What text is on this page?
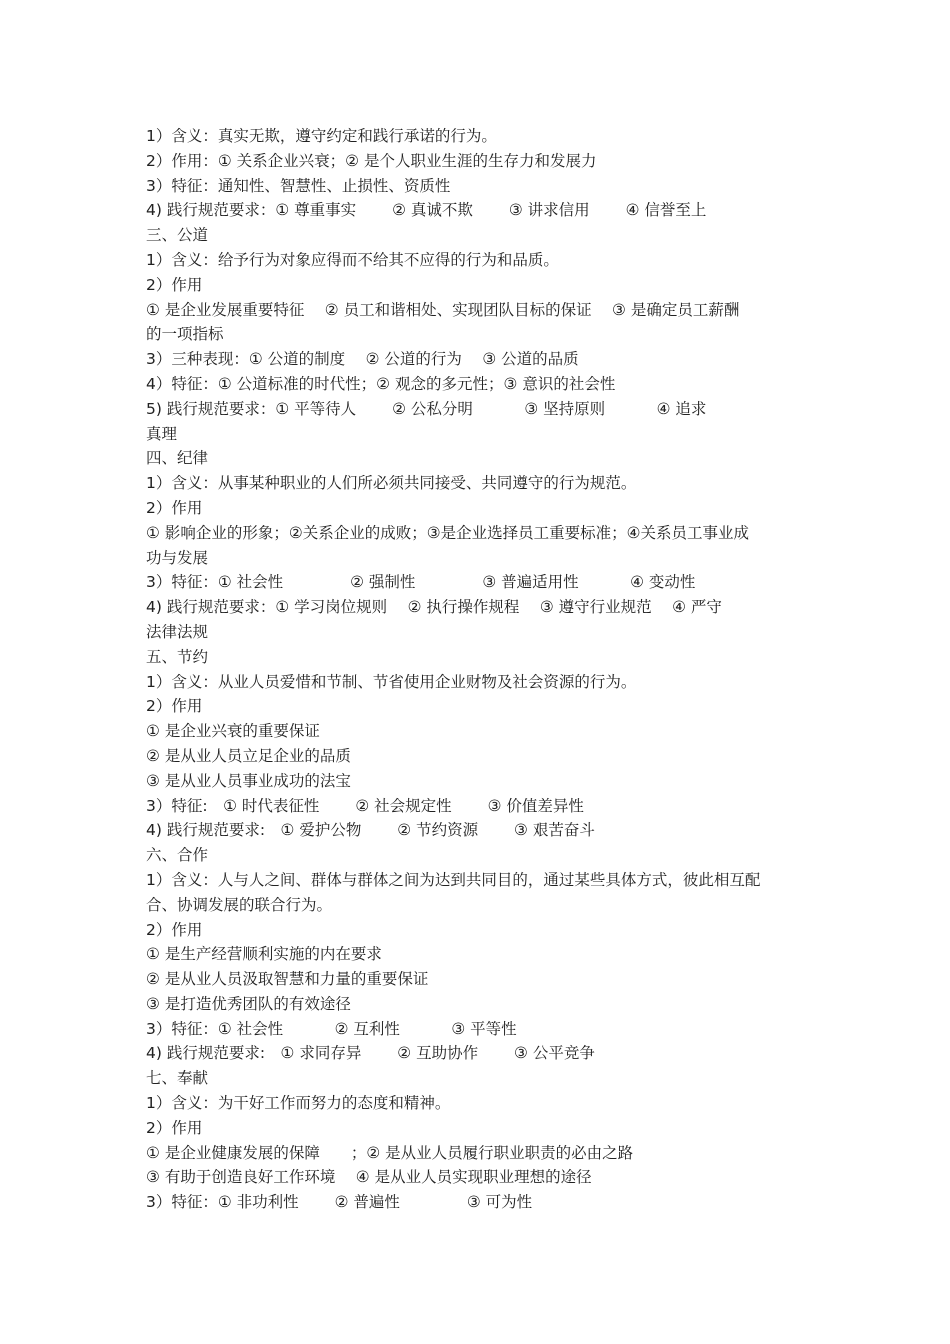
1）含义：真实无欺，遵守约定和践行承诺的行为。
2）作用：① 关系企业兴衰；② 是个人职业生涯的生存力和发展力
3）特征：通知性、智慧性、止损性、资质性
4) 践行规范要求：① 尊重事实　　 ② 真诚不欺　　 ③ 讲求信用　　 ④ 信誉至上
三、公道
1）含义：给予行为对象应得而不给其不应得的行为和品质。
2）作用
① 是企业发展重要特征　 ② 员工和谐相处、实现团队目标的保证　 ③ 是确定员工薪酬
的一项指标
3）三种表现：① 公道的制度　 ② 公道的行为　 ③ 公道的品质
4）特征：① 公道标准的时代性；② 观念的多元性；③ 意识的社会性
5) 践行规范要求：① 平等待人　　 ② 公私分明　　　 ③ 坚持原则　　　 ④ 追求
真理
四、纪律
1）含义：从事某种职业的人们所必须共同接受、共同遵守的行为规范。
2）作用
① 影响企业的形象；②关系企业的成败；③是企业选择员工重要标准；④关系员工事业成
功与发展
3）特征：① 社会性　　　　 ② 强制性　　　　 ③ 普遍适用性　　　 ④ 变动性
4) 践行规范要求：① 学习岗位规则　 ② 执行操作规程　 ③ 遵守行业规范　 ④ 严守
法律法规
五、节约
1）含义：从业人员爱惜和节制、节省使用企业财物及社会资源的行为。
2）作用
① 是企业兴衰的重要保证
② 是从业人员立足企业的品质
③ 是从业人员事业成功的法宝
3）特征:　① 时代表征性　　 ② 社会规定性　　 ③ 价值差异性
4) 践行规范要求:　① 爱护公物　　 ② 节约资源　　 ③ 艰苦奋斗
六、合作
1）含义：人与人之间、群体与群体之间为达到共同目的，通过某些具体方式，彼此相互配
合、协调发展的联合行为。
2）作用
① 是生产经营顺利实施的内在要求
② 是从业人员汲取智慧和力量的重要保证
③ 是打造优秀团队的有效途径
3）特征：① 社会性　　　 ② 互利性　　　 ③ 平等性
4) 践行规范要求:　① 求同存异　　 ② 互助协作　　 ③ 公平竞争
七、奉献
1）含义：为干好工作而努力的态度和精神。
2）作用
① 是企业健康发展的保障　　；② 是从业人员履行职业职责的必由之路
③ 有助于创造良好工作环境　 ④ 是从业人员实现职业理想的途径
3）特征：① 非功利性　　 ② 普遍性　　　　 ③ 可为性
